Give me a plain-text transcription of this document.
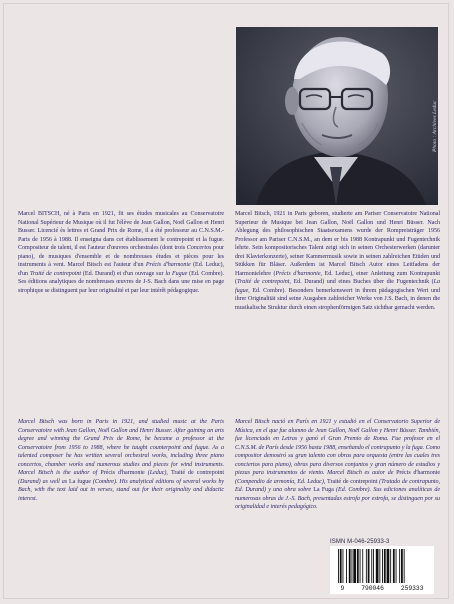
Photo : Archives Leduc

Marcel BITSCH, né à Paris en 1921, fit ses études musicales au Conservatoire National Supérieur de Musique où il fut l'élève de Jean Gallon, Noël Gallon et Henri Busser. Licencié ès lettres et Grand Prix de Rome, il a été professeur au C.N.S.M.-Paris de 1956 à 1988. Il enseigna dans cet établissement le contrepoint et la fugue. Compositeur de talent, il est l'auteur d'œuvres orchestrales (dont trois Concertos pour piano), de musiques d'ensemble et de nombreuses études et pièces pour les instruments à vent. Marcel Bitsch est l'auteur d'un Précis d'harmonie (Ed. Leduc), d'un Traité de contrepoint (Ed. Durand) et d'un ouvrage sur la Fugue (Ed. Combre). Ses éditions analytiques de nombreuses œuvres de J-S. Bach dans une mise en page strophique se distinguent par leur originalité et par leur intérêt pédagogique.

Marcel Bitsch, 1921 in Paris geboren, studierte am Pariser Conservatoire National Superieur de Musique bei Jean Gallon, Noël Gallon und Henri Büsser. Nach Ablegung des philosophischen Staatsexamens wurde der Rompreisträger 1956 Professor am Pariser C.N.S.M., an dem er bis 1988 Kontrapunkt und Fugentechnik lehrte. Sein kompositorisches Talent zeigt sich in seinen Orchesterwerken (darunter drei Klavierkonzerte), seiner Kammermusik sowie in seinen zahlreichen Etüden und Stükken für Bläser. Außerdem ist Marcel Bitsch Autor eines Leitfadens der Harmonielehre (Précis d'harmonie, Ed. Leduc), einer Anleitung zum Kontrapunkt (Traité de contrepoint, Ed. Durand) und eines Buches über die Fugentechnik (La fugue, Ed. Combre). Besonders bemerkenswert in ihrem pädagogischen Wert und ihrer Originalität sind seine Ausgaben zahlreicher Werke von J.S. Bach, in denen die musikalische Struktur durch einen strophenförmigen Satz sichtbar gemacht werden.

Marcel Bitsch was born in Paris in 1921, and studied music at the Paris Conservatoire with Jean Gallon, Noël Gallon and Henri Busser. After gaining an arts degree and winning the Grand Prix de Rome, he became a professor at the Conservatoire from 1956 to 1988, where he taught counterpoint and fugue. As a talented composer he has written several orchestral works, including three piano concertos, chamber works and numerous studies and pieces for wind instruments. Marcel Bitsch is the author of Précis d'harmonie (Leduc), Traité de contrepoint (Durand) as well as La fugue (Combre). His analytical editions of several works by Bach, with the text laid out in verses, stand out for their originality and didactic interest.

Marcel Bitsch nació en París en 1921 y estudió en el Conservatorio Superior de Música, en el que fue alumno de Jean Gallon, Noël Gallon y Henri Büsser. También, fue licenciado en Letras y ganó el Gran Premio de Roma. Fue profesor en el C.N.S.M. de París desde 1956 hasta 1988, enseñando el contrapunto y la fuga. Como compositor demostró su gran talento con obras para orquesta (entre las cuales tres conciertos para piano), obras para diversos conjuntos y gran número de estudios y piezas para instrumentos de viento. Marcel Bitsch es autor de Précis d'harmonie (Compendio de armonía, Ed. Leduc), Traité de contrepoint (Tratado de contrapunto, Ed. Durand) y una obra sobre La Fuga (Ed. Combre). Sus ediciones analíticas de numerosas obras de J.-S. Bach, presentadas estrofa por estrofa, se distinguen por su originalidad e interés pedagógico.

ISMN M-046-25933-3
9	790046	259333
